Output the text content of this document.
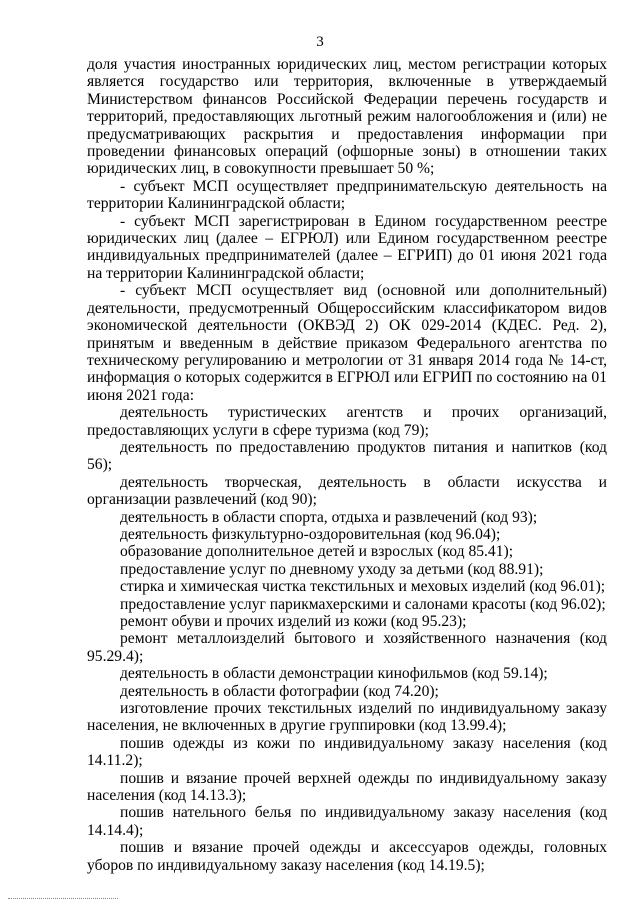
3

доля участия иностранных юридических лиц, местом регистрации которых является государство или территория, включенные в утверждаемый Министерством финансов Российской Федерации перечень государств и территорий, предоставляющих льготный режим налогообложения и (или) не предусматривающих раскрытия и предоставления информации при проведении финансовых операций (офшорные зоны) в отношении таких юридических лиц, в совокупности превышает 50 %;

- субъект МСП осуществляет предпринимательскую деятельность на территории Калининградской области;

- субъект МСП зарегистрирован в Едином государственном реестре юридических лиц (далее – ЕГРЮЛ) или Едином государственном реестре индивидуальных предпринимателей (далее – ЕГРИП) до 01 июня 2021 года на территории Калининградской области;

- субъект МСП осуществляет вид (основной или дополнительный) деятельности, предусмотренный Общероссийским классификатором видов экономической деятельности (ОКВЭД 2) ОК 029-2014 (КДЕС. Ред. 2), принятым и введенным в действие приказом Федерального агентства по техническому регулированию и метрологии от 31 января 2014 года № 14-ст, информация о которых содержится в ЕГРЮЛ или ЕГРИП по состоянию на 01 июня 2021 года:

деятельность туристических агентств и прочих организаций, предоставляющих услуги в сфере туризма (код 79);

деятельность по предоставлению продуктов питания и напитков (код 56);

деятельность творческая, деятельность в области искусства и организации развлечений (код 90);

деятельность в области спорта, отдыха и развлечений (код 93);

деятельность физкультурно-оздоровительная (код 96.04);

образование дополнительное детей и взрослых (код 85.41);

предоставление услуг по дневному уходу за детьми (код 88.91);

стирка и химическая чистка текстильных и меховых изделий (код 96.01);

предоставление услуг парикмахерскими и салонами красоты (код 96.02);

ремонт обуви и прочих изделий из кожи (код 95.23);

ремонт металлоизделий бытового и хозяйственного назначения (код 95.29.4);

деятельность в области демонстрации кинофильмов (код 59.14);

деятельность в области фотографии (код 74.20);

изготовление прочих текстильных изделий по индивидуальному заказу населения, не включенных в другие группировки (код 13.99.4);

пошив одежды из кожи по индивидуальному заказу населения (код 14.11.2);

пошив и вязание прочей верхней одежды по индивидуальному заказу населения (код 14.13.3);

пошив нательного белья по индивидуальному заказу населения (код 14.14.4);

пошив и вязание прочей одежды и аксессуаров одежды, головных уборов по индивидуальному заказу населения (код 14.19.5);
